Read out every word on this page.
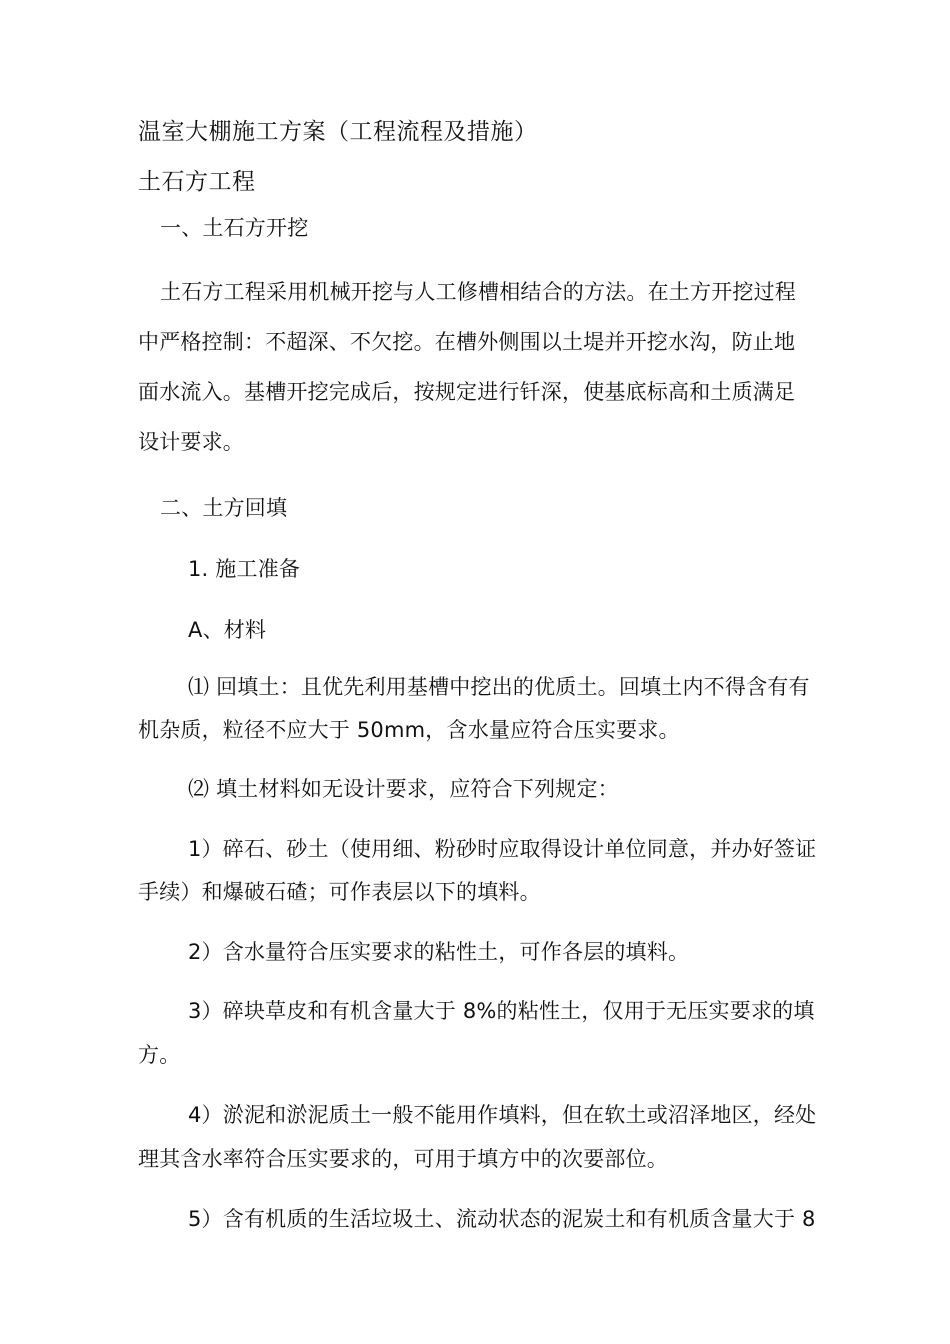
温室大棚施工方案（工程流程及措施）
土石方工程
一、土石方开挖
土石方工程采用机械开挖与人工修槽相结合的方法。在土方开挖过程
中严格控制：不超深、不欠挖。在槽外侧围以土堤并开挖水沟，防止地
面水流入。基槽开挖完成后，按规定进行钎深，使基底标高和土质满足
设计要求。
二、土方回填
1. 施工准备
A、材料
⑴ 回填土：且优先利用基槽中挖出的优质土。回填土内不得含有有
机杂质，粒径不应大于 50mm，含水量应符合压实要求。
⑵ 填土材料如无设计要求，应符合下列规定：
1）碎石、砂土（使用细、粉砂时应取得设计单位同意，并办好签证
手续）和爆破石碴；可作表层以下的填料。
2）含水量符合压实要求的粘性土，可作各层的填料。
3）碎块草皮和有机含量大于 8%的粘性土，仅用于无压实要求的填
方。
4）淤泥和淤泥质土一般不能用作填料，但在软土或沼泽地区，经处
理其含水率符合压实要求的，可用于填方中的次要部位。
5）含有机质的生活垃圾土、流动状态的泥炭土和有机质含量大于 8
